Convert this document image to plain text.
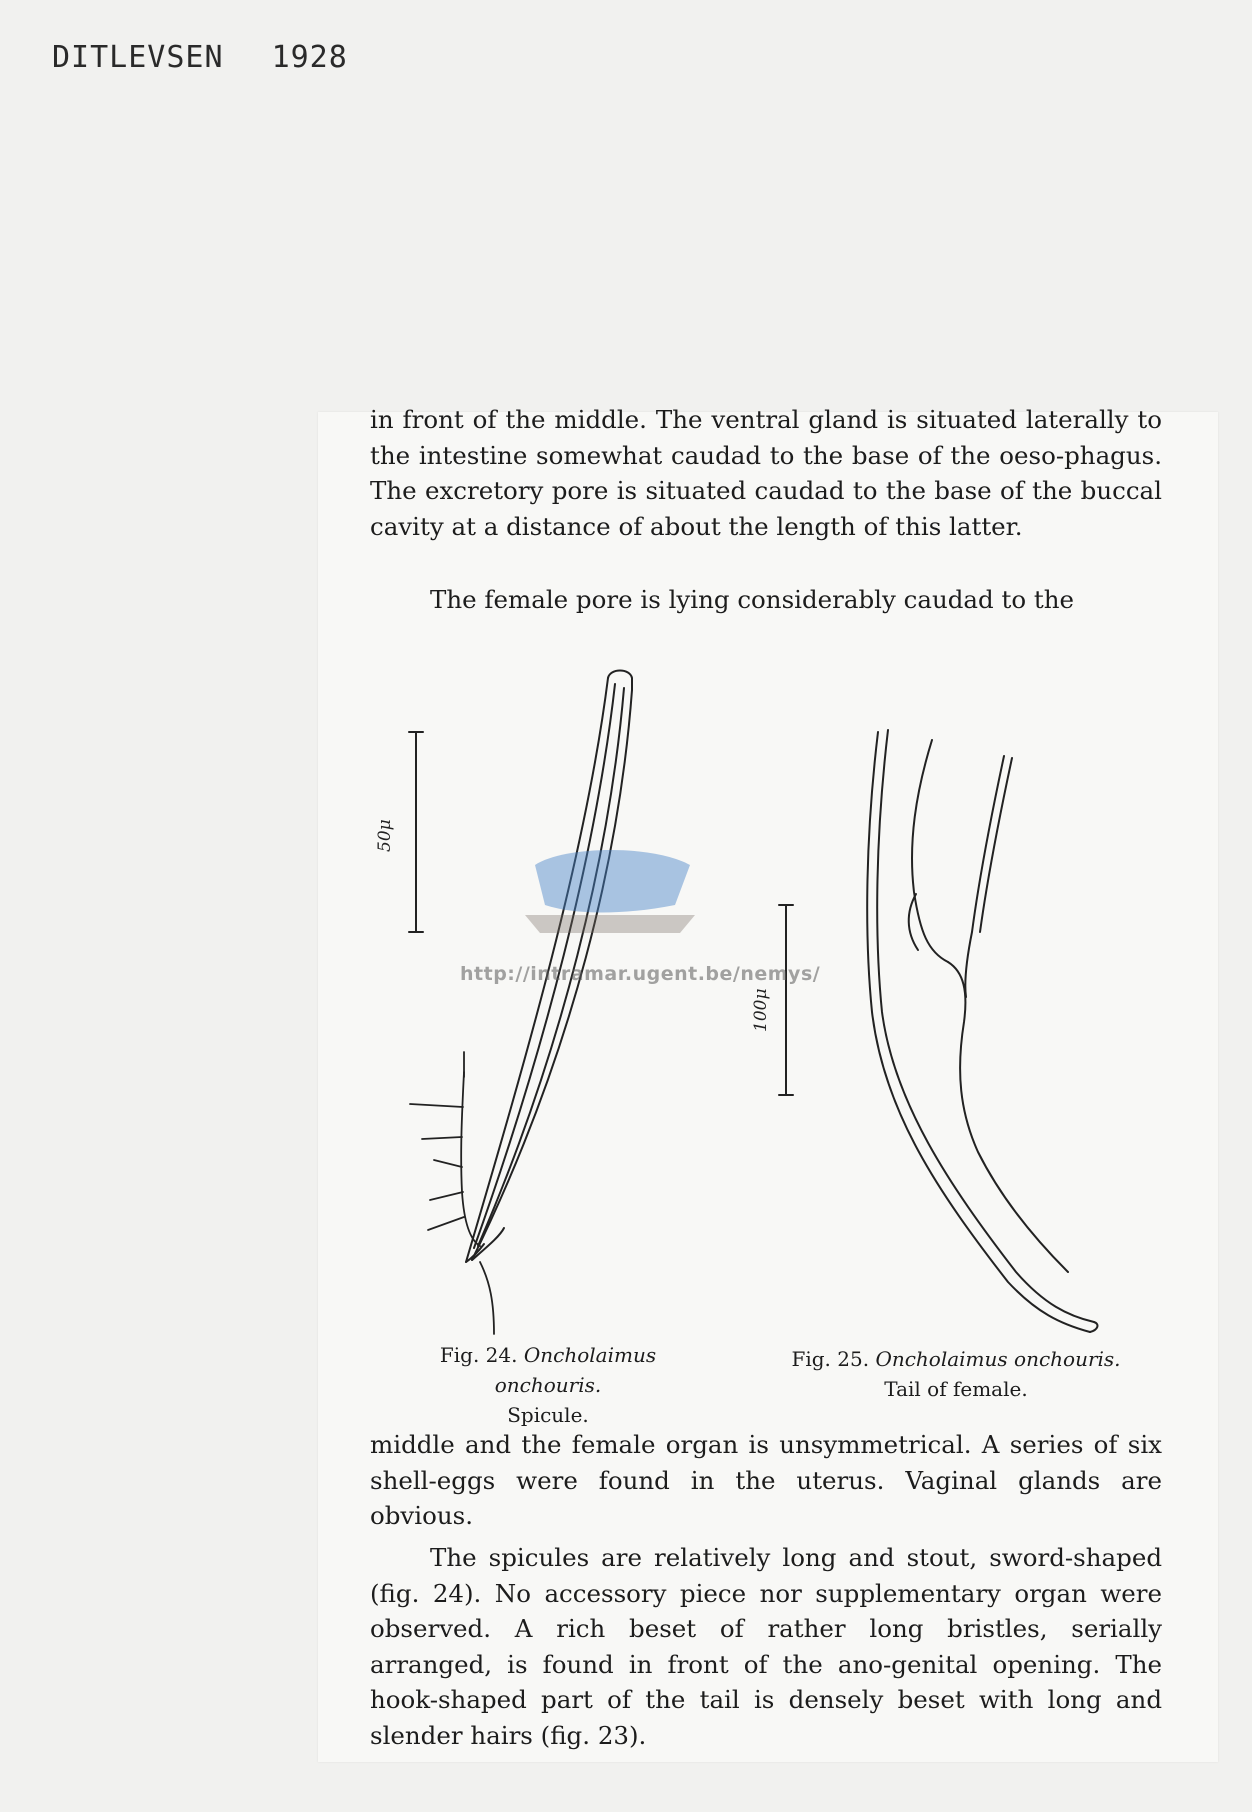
DITLEVSEN 1928

in front of the middle. The ventral gland is situated laterally to the intestine somewhat caudad to the base of the oeso-phagus. The excretory pore is situated caudad to the base of the buccal cavity at a distance of about the length of this latter.

The female pore is lying considerably caudad to the

50μ
100μ
Fig. 24. Oncholaimus onchouris.
Spicule.
Fig. 25. Oncholaimus onchouris.
Tail of female.

middle and the female organ is unsymmetrical. A series of six shell-eggs were found in the uterus. Vaginal glands are obvious.

The spicules are relatively long and stout, sword-shaped (fig. 24). No accessory piece nor supplementary organ were observed. A rich beset of rather long bristles, serially arranged, is found in front of the ano-genital opening. The hook-shaped part of the tail is densely beset with long and slender hairs (fig. 23).

http://intramar.ugent.be/nemys/
